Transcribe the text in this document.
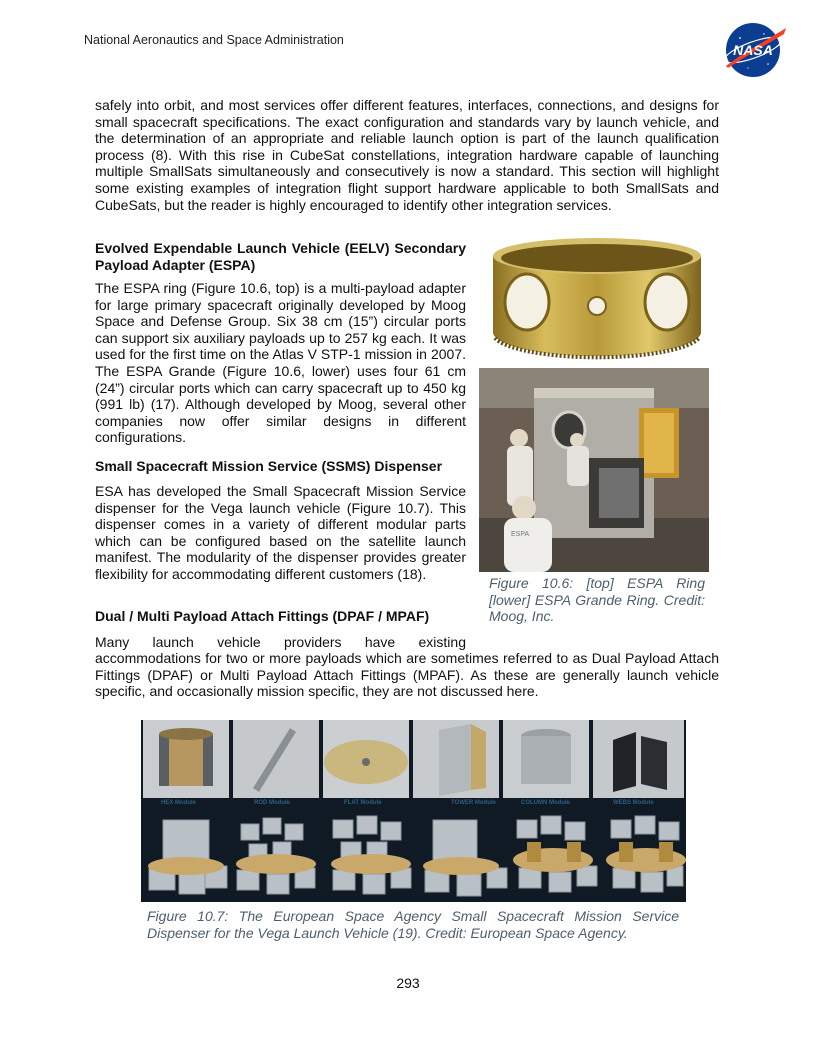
National Aeronautics and Space Administration
NASA
safely into orbit, and most services offer different features, interfaces, connections, and designs for small spacecraft specifications. The exact configuration and standards vary by launch vehicle, and the determination of an appropriate and reliable launch option is part of the launch qualification process (8). With this rise in CubeSat constellations, integration hardware capable of launching multiple SmallSats simultaneously and consecutively is now a standard. This section will highlight some existing examples of integration flight support hardware applicable to both SmallSats and CubeSats, but the reader is highly encouraged to identify other integration services.
Evolved Expendable Launch Vehicle (EELV) Secondary Payload Adapter (ESPA)

The ESPA ring (Figure 10.6, top) is a multi-payload adapter for large primary spacecraft originally developed by Moog Space and Defense Group. Six 38 cm (15”) circular ports can support six auxiliary payloads up to 257 kg each. It was used for the first time on the Atlas V STP-1 mission in 2007. The ESPA Grande (Figure 10.6, lower) uses four 61 cm (24”) circular ports which can carry spacecraft up to 450 kg (991 lb) (17). Although developed by Moog, several other companies now offer similar designs in different configurations.

Small Spacecraft Mission Service (SSMS) Dispenser

ESA has developed the Small Spacecraft Mission Service dispenser for the Vega launch vehicle (Figure 10.7). This dispenser comes in a variety of different modular parts which can be configured based on the satellite launch manifest. The modularity of the dispenser provides greater flexibility for accommodating different customers (18).

Dual / Multi Payload Attach Fittings (DPAF / MPAF)

Many launch vehicle providers have existing

accommodations for two or more payloads which are sometimes referred to as Dual Payload Attach Fittings (DPAF) or Multi Payload Attach Fittings (MPAF). As these are generally launch vehicle specific, and occasionally mission specific, they are not discussed here.
ESPA
Figure 10.6: [top] ESPA Ring [lower] ESPA Grande Ring. Credit: Moog, Inc.
HEX Module	ROD Module	FLAT Module	TOWER Module	COLUMN Module	WEBS Module
Figure 10.7: The European Space Agency Small Spacecraft Mission Service Dispenser for the Vega Launch Vehicle (19). Credit: European Space Agency.
293
